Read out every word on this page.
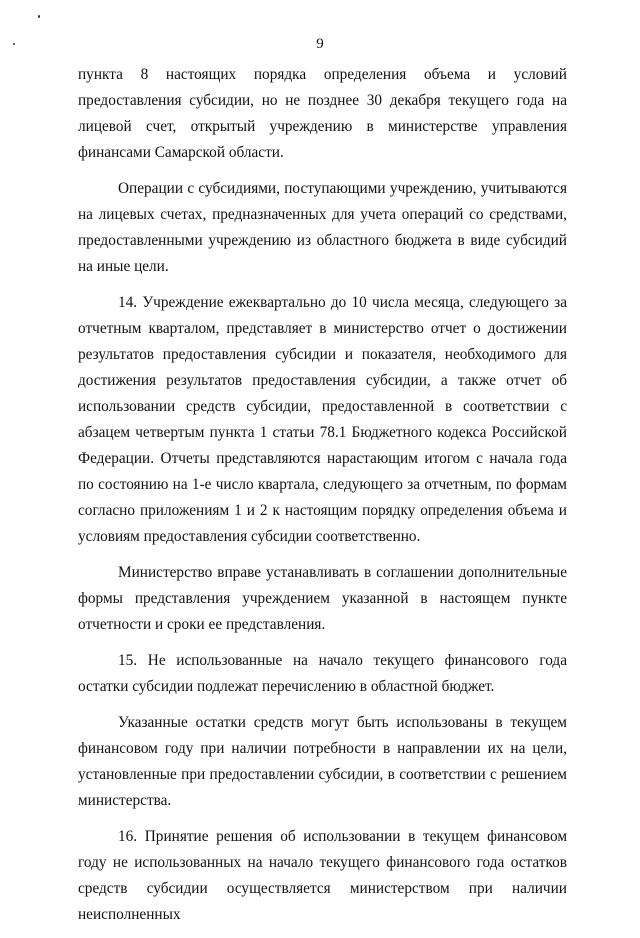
9

пункта 8 настоящих порядка определения объема и условий предоставления субсидии, но не позднее 30 декабря текущего года на лицевой счет, открытый учреждению в министерстве управления финансами Самарской области.

Операции с субсидиями, поступающими учреждению, учитываются на лицевых счетах, предназначенных для учета операций со средствами, предоставленными учреждению из областного бюджета в виде субсидий на иные цели.

14. Учреждение ежеквартально до 10 числа месяца, следующего за отчетным кварталом, представляет в министерство отчет о достижении результатов предоставления субсидии и показателя, необходимого для достижения результатов предоставления субсидии, а также отчет об использовании средств субсидии, предоставленной в соответствии с абзацем четвертым пункта 1 статьи 78.1 Бюджетного кодекса Российской Федерации. Отчеты представляются нарастающим итогом с начала года по состоянию на 1-е число квартала, следующего за отчетным, по формам согласно приложениям 1 и 2 к настоящим порядку определения объема и условиям предоставления субсидии соответственно.

Министерство вправе устанавливать в соглашении дополнительные формы представления учреждением указанной в настоящем пункте отчетности и сроки ее представления.

15. Не использованные на начало текущего финансового года остатки субсидии подлежат перечислению в областной бюджет.

Указанные остатки средств могут быть использованы в текущем финансовом году при наличии потребности в направлении их на цели, установленные при предоставлении субсидии, в соответствии с решением министерства.

16. Принятие решения об использовании в текущем финансовом году не использованных на начало текущего финансового года остатков средств субсидии осуществляется министерством при наличии неисполненных
